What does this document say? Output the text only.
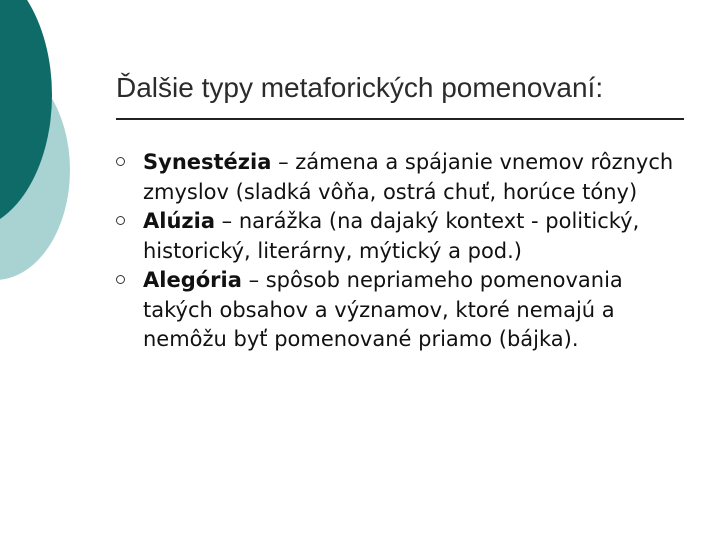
Ďalšie typy metaforických pomenovaní:
Synestézia – zámena a spájanie vnemov rôznych zmyslov (sladká vôňa, ostrá chuť, horúce tóny)
Alúzia – narážka (na dajaký kontext - politický, historický, literárny, mýtický a pod.)
Alegória – spôsob nepriameho pomenovania takých obsahov a významov, ktoré nemajú a nemôžu byť pomenované priamo (bájka).
